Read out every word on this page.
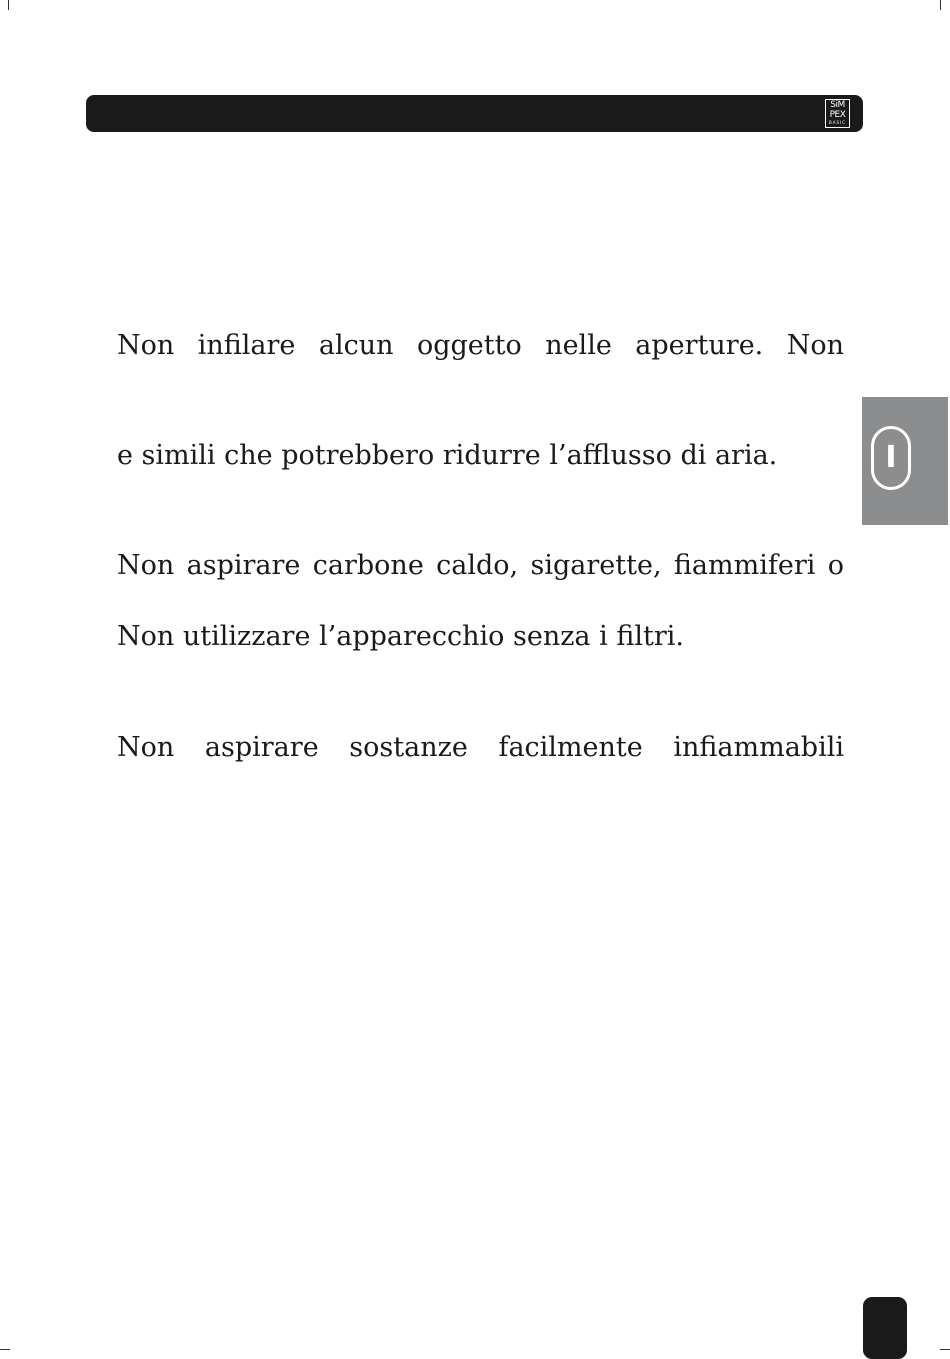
SiM
PEX
BASIC
I

Non infilare alcun oggetto nelle aperture. Non

e simili che potrebbero ridurre l’afflusso di aria.

Non aspirare carbone caldo, sigarette, fiammiferi o

Non utilizzare l’apparecchio senza i filtri.

Non aspirare sostanze facilmente infiammabili
